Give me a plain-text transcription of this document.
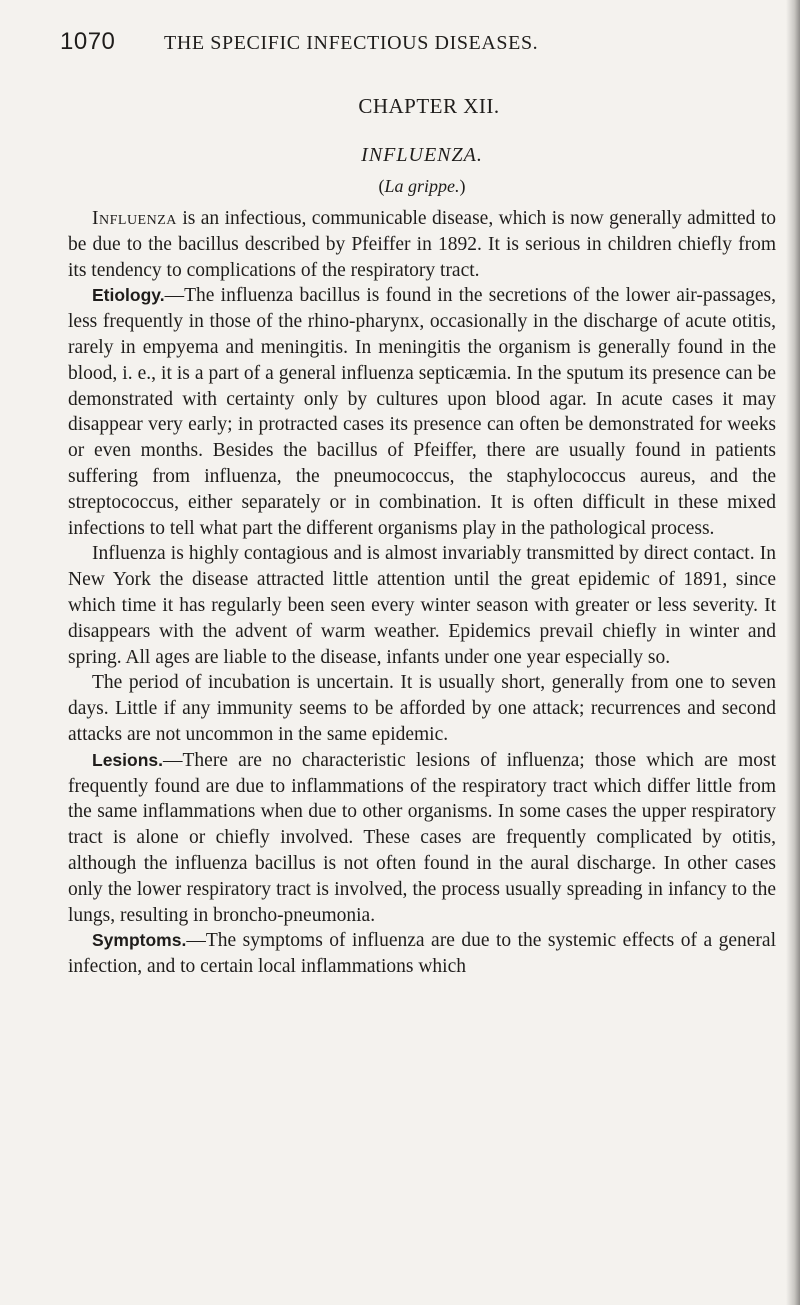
1070	THE SPECIFIC INFECTIOUS DISEASES.
CHAPTER XII.
INFLUENZA.
(La grippe.)

Influenza is an infectious, communicable disease, which is now generally admitted to be due to the bacillus described by Pfeiffer in 1892. It is serious in children chiefly from its tendency to complications of the respiratory tract.

Etiology.—The influenza bacillus is found in the secretions of the lower air-passages, less frequently in those of the rhino-pharynx, occasionally in the discharge of acute otitis, rarely in empyema and meningitis. In meningitis the organism is generally found in the blood, i. e., it is a part of a general influenza septicæmia. In the sputum its presence can be demonstrated with certainty only by cultures upon blood agar. In acute cases it may disappear very early; in protracted cases its presence can often be demonstrated for weeks or even months. Besides the bacillus of Pfeiffer, there are usually found in patients suffering from influenza, the pneumococcus, the staphylococcus aureus, and the streptococcus, either separately or in combination. It is often difficult in these mixed infections to tell what part the different organisms play in the pathological process.

Influenza is highly contagious and is almost invariably transmitted by direct contact. In New York the disease attracted little attention until the great epidemic of 1891, since which time it has regularly been seen every winter season with greater or less severity. It disappears with the advent of warm weather. Epidemics prevail chiefly in winter and spring. All ages are liable to the disease, infants under one year especially so.

The period of incubation is uncertain. It is usually short, generally from one to seven days. Little if any immunity seems to be afforded by one attack; recurrences and second attacks are not uncommon in the same epidemic.

Lesions.—There are no characteristic lesions of influenza; those which are most frequently found are due to inflammations of the respiratory tract which differ little from the same inflammations when due to other organisms. In some cases the upper respiratory tract is alone or chiefly involved. These cases are frequently complicated by otitis, although the influenza bacillus is not often found in the aural discharge. In other cases only the lower respiratory tract is involved, the process usually spreading in infancy to the lungs, resulting in broncho-pneumonia.

Symptoms.—The symptoms of influenza are due to the systemic effects of a general infection, and to certain local inflammations which
